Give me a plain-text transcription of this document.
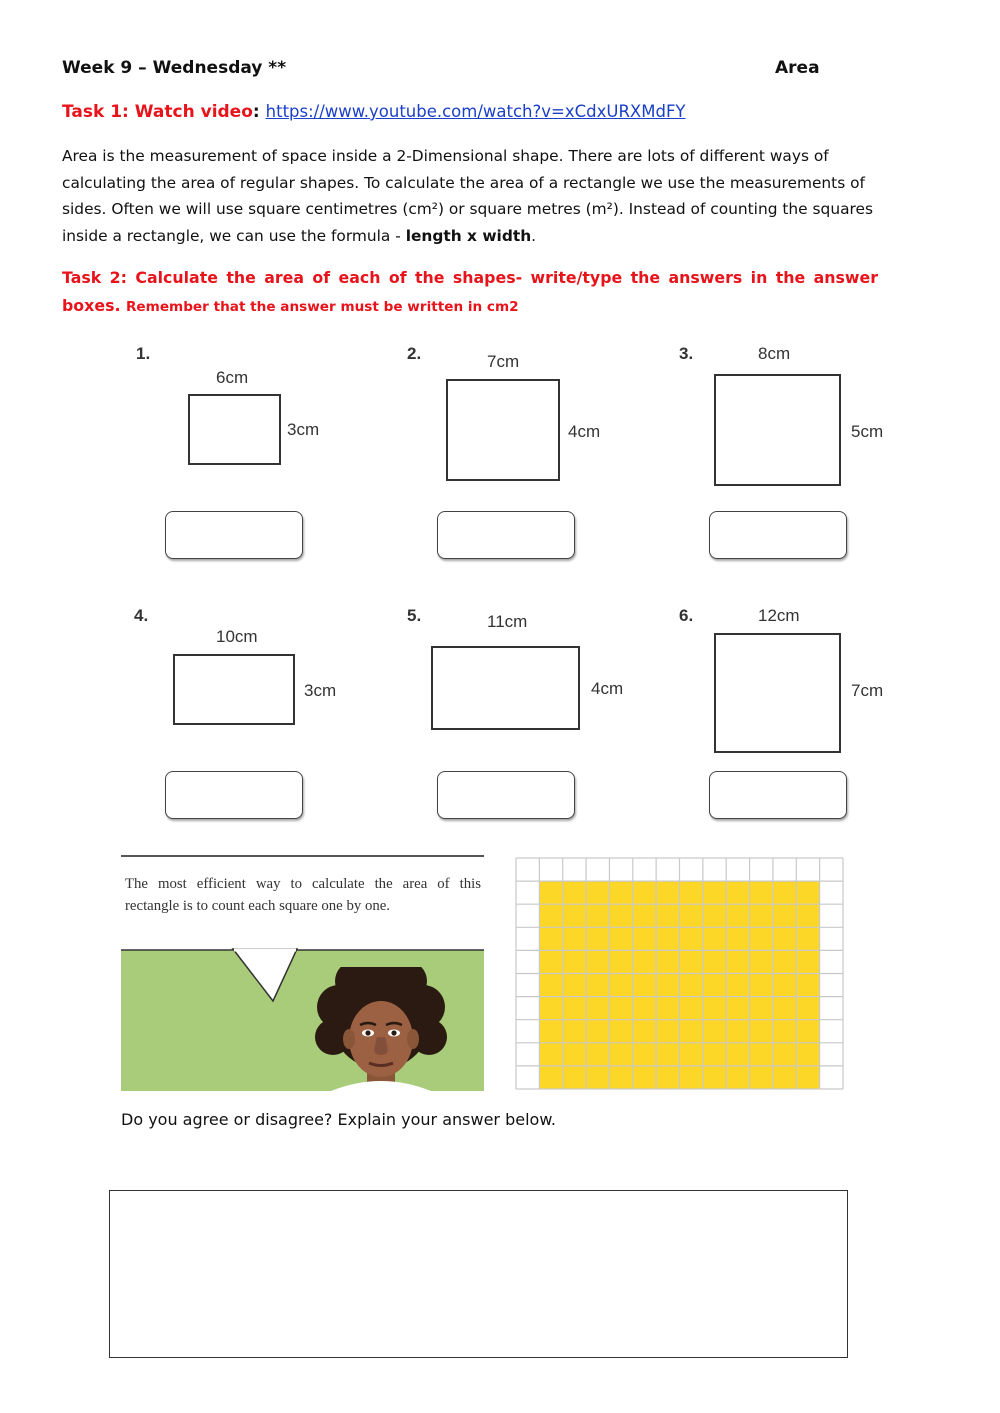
Week 9 – Wednesday **	Area
Task 1: Watch video: https://www.youtube.com/watch?v=xCdxURXMdFY
Area is the measurement of space inside a 2-Dimensional shape. There are lots of different ways of calculating the area of regular shapes. To calculate the area of a rectangle we use the measurements of sides. Often we will use square centimetres (cm²) or square metres (m²). Instead of counting the squares inside a rectangle, we can use the formula - length x width.
Task 2: Calculate the area of each of the shapes- write/type the answers in the answer boxes. Remember that the answer must be written in cm2
1.
6cm
3cm
2.	7cm
4cm
3.	8cm
5cm
4.
10cm
3cm
5.	11cm
4cm
6.	12cm
7cm
The most efficient way to calculate the area of this rectangle is to count each square one by one.
Do you agree or disagree? Explain your answer below.
